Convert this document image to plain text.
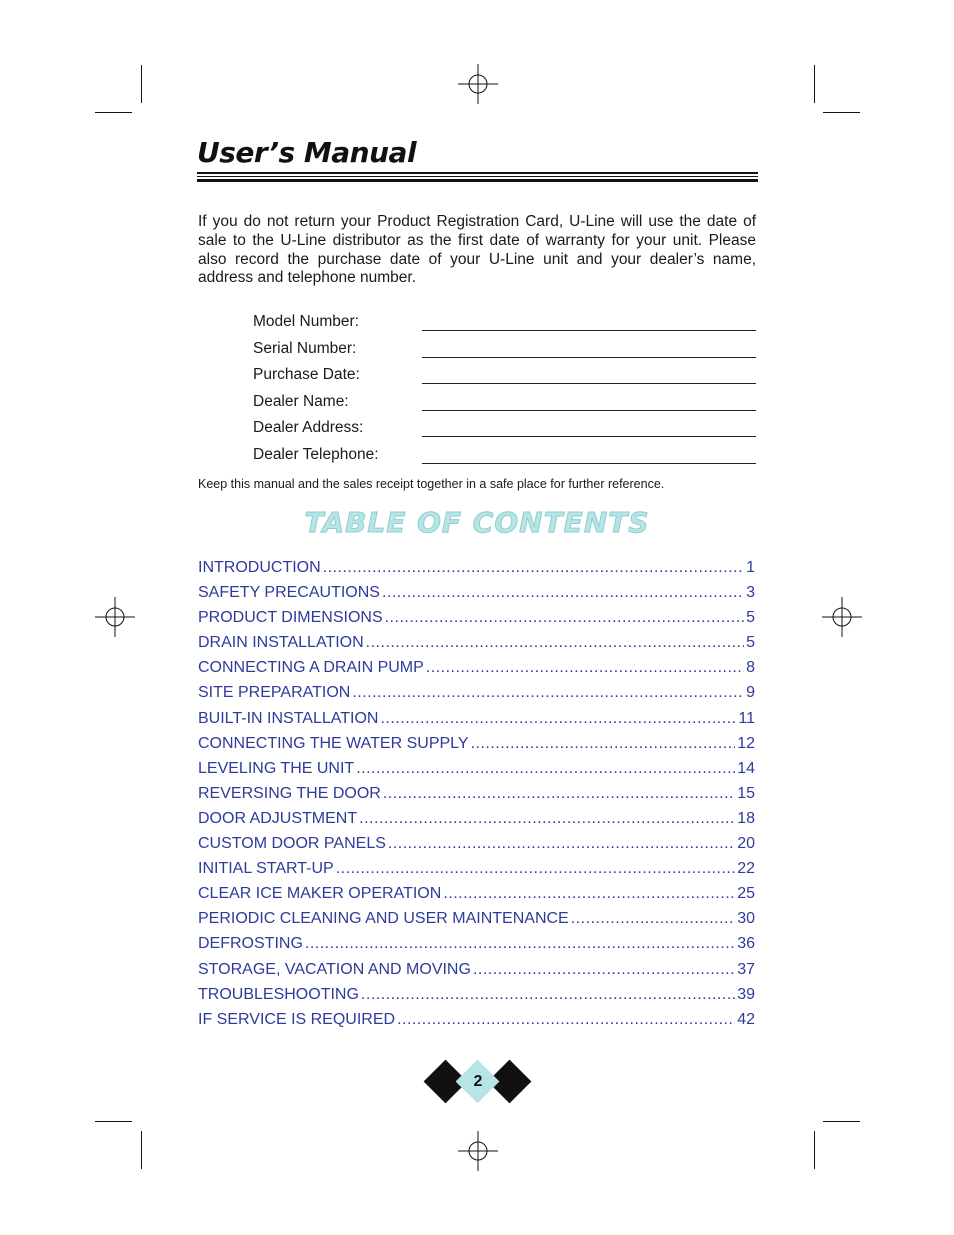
User’s Manual

If you do not return your Product Registration Card, U-Line will use the date of sale to the U-Line distributor as the first date of warranty for your unit. Please also record the purchase date of your U-Line unit and your dealer’s name, address and telephone number.

Model Number:
Serial Number:
Purchase Date:
Dealer Name:
Dealer Address:
Dealer Telephone:

Keep this manual and the sales receipt together in a safe place for further reference.

TABLE OF CONTENTS
INTRODUCTION .....	1
SAFETY PRECAUTIONS .....	3
PRODUCT DIMENSIONS .....	5
DRAIN INSTALLATION .....	5
CONNECTING A DRAIN PUMP .....	8
SITE PREPARATION .....	9
BUILT-IN INSTALLATION .....	11
CONNECTING THE WATER SUPPLY .....	12
LEVELING THE UNIT .....	14
REVERSING THE DOOR .....	15
DOOR ADJUSTMENT .....	18
CUSTOM DOOR PANELS .....	20
INITIAL START-UP .....	22
CLEAR ICE MAKER OPERATION .....	25
PERIODIC CLEANING AND USER MAINTENANCE .....	30
DEFROSTING .....	36
STORAGE, VACATION AND MOVING .....	37
TROUBLESHOOTING .....	39
IF SERVICE IS REQUIRED .....	42
2
